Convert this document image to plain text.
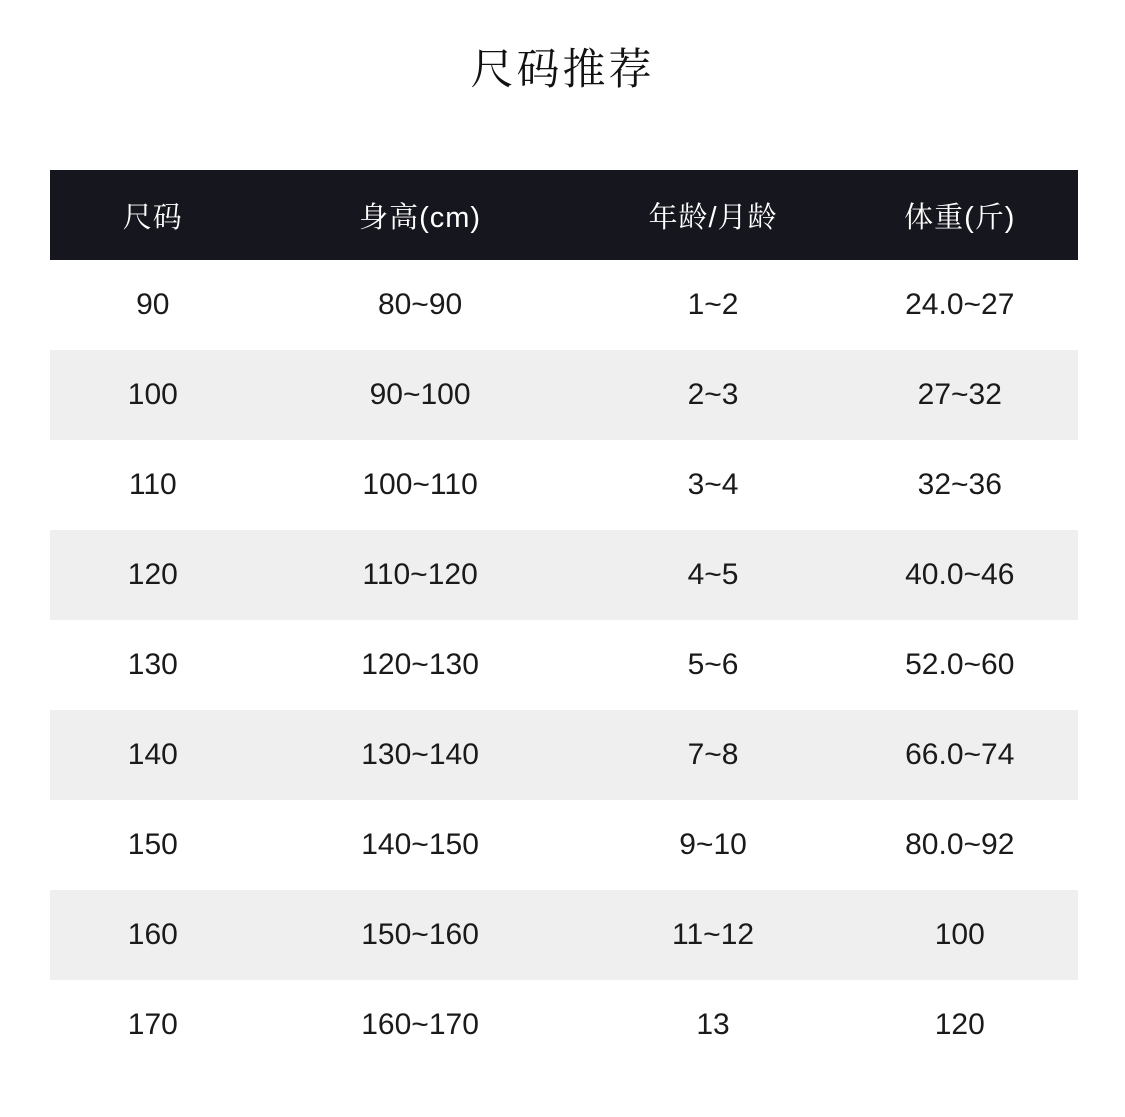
尺码推荐
尺码	身高(cm)	年龄/月龄	体重(斤)
90	80~90	1~2	24.0~27
100	90~100	2~3	27~32
110	100~110	3~4	32~36
120	110~120	4~5	40.0~46
130	120~130	5~6	52.0~60
140	130~140	7~8	66.0~74
150	140~150	9~10	80.0~92
160	150~160	11~12	100
170	160~170	13	120
